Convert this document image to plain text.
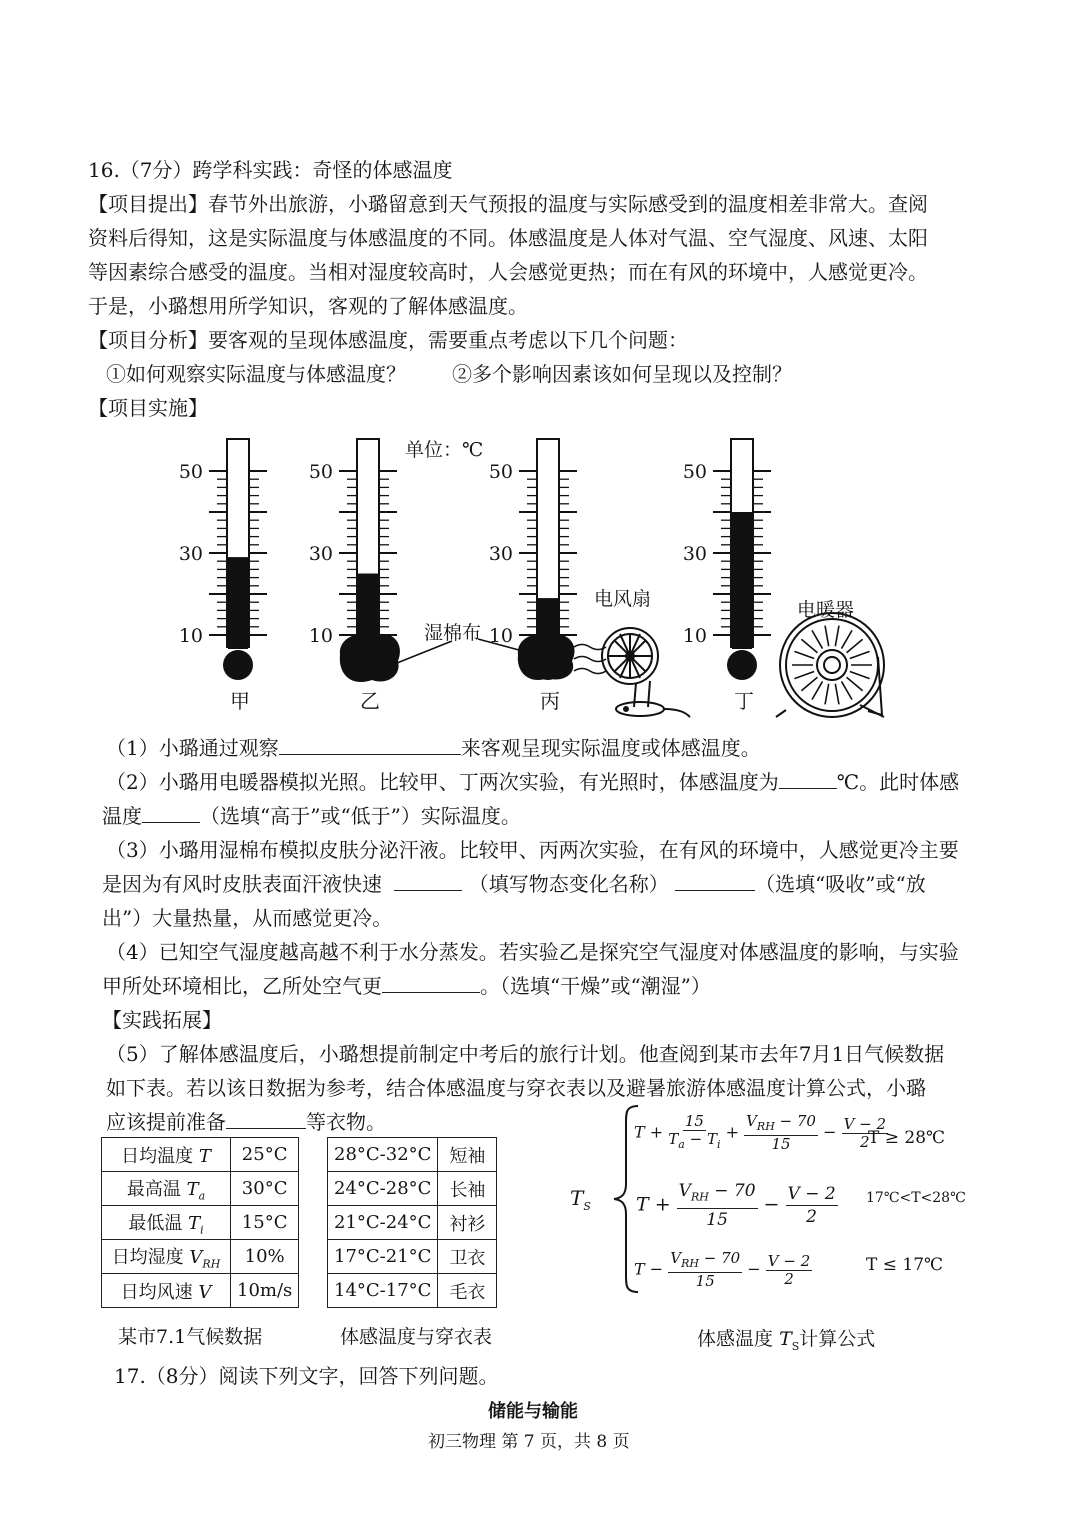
16.（7分）跨学科实践：奇怪的体感温度
【项目提出】春节外出旅游，小璐留意到天气预报的温度与实际感受到的温度相差非常大。查阅
资料后得知，这是实际温度与体感温度的不同。体感温度是人体对气温、空气湿度、风速、太阳
等因素综合感受的温度。当相对湿度较高时，人会感觉更热；而在有风的环境中，人感觉更冷。
于是，小璐想用所学知识，客观的了解体感温度。
【项目分析】要客观的呈现体感温度，需要重点考虑以下几个问题：
①如何观察实际温度与体感温度？ ②多个影响因素该如何呈现以及控制？
【项目实施】
50
30
10
甲
50
30
10
乙
50
30
10
丙
50
30
10
丁
单位：℃
湿棉布
电风扇	电暖器
（1）小璐通过观察	来客观呈现实际温度或体感温度。
（2）小璐用电暖器模拟光照。比较甲、丁两次实验，有光照时，体感温度为	℃。此时体感
温度	（选填“高于”或“低于”）实际温度。
（3）小璐用湿棉布模拟皮肤分泌汗液。比较甲、丙两次实验，在有风的环境中，人感觉更冷主要
是因为有风时皮肤表面汗液快速	（填写物态变化名称）	（选填“吸收”或“放
出”）大量热量，从而感觉更冷。
（4）已知空气湿度越高越不利于水分蒸发。若实验乙是探究空气湿度对体感温度的影响，与实验
甲所处环境相比，乙所处空气更	。（选填“干燥”或“潮湿”）
【实践拓展】
（5）了解体感温度后，小璐想提前制定中考后的旅行计划。他查阅到某市去年7月1日气候数据
如下表。若以该日数据为参考，结合体感温度与穿衣表以及避暑旅游体感温度计算公式，小璐
应该提前准备	等衣物。
日均温度 T	25°C
最高温 $T_a$	30°C
最低温 $T_i$	15°C
日均湿度 $V_{RH}$	10%
日均风速 V	10m/s
某市7.1气候数据
28°C-32°C	短袖
24°C-28°C	长袖
21°C-24°C	衬衫
17°C-21°C	卫衣
14°C-17°C	毛衣
体感温度与穿衣表
$T_S$
$T + \frac{15}{T_a - T_i}$ +
$V_{RH} - 70$
15
− $\frac{V - 2}{2}$
T +
$V_{RH} - 70$
15
− $\frac{V - 2}{2}$
T −
$V_{RH} - 70$
15
− $\frac{V - 2}{2}$
T ≥ 28℃
17℃<T<28℃
T ≤ 17℃
体感温度 $T_S$计算公式
17.（8分）阅读下列文字，回答下列问题。
储能与输能
初三物理 第 7 页，共 8 页
